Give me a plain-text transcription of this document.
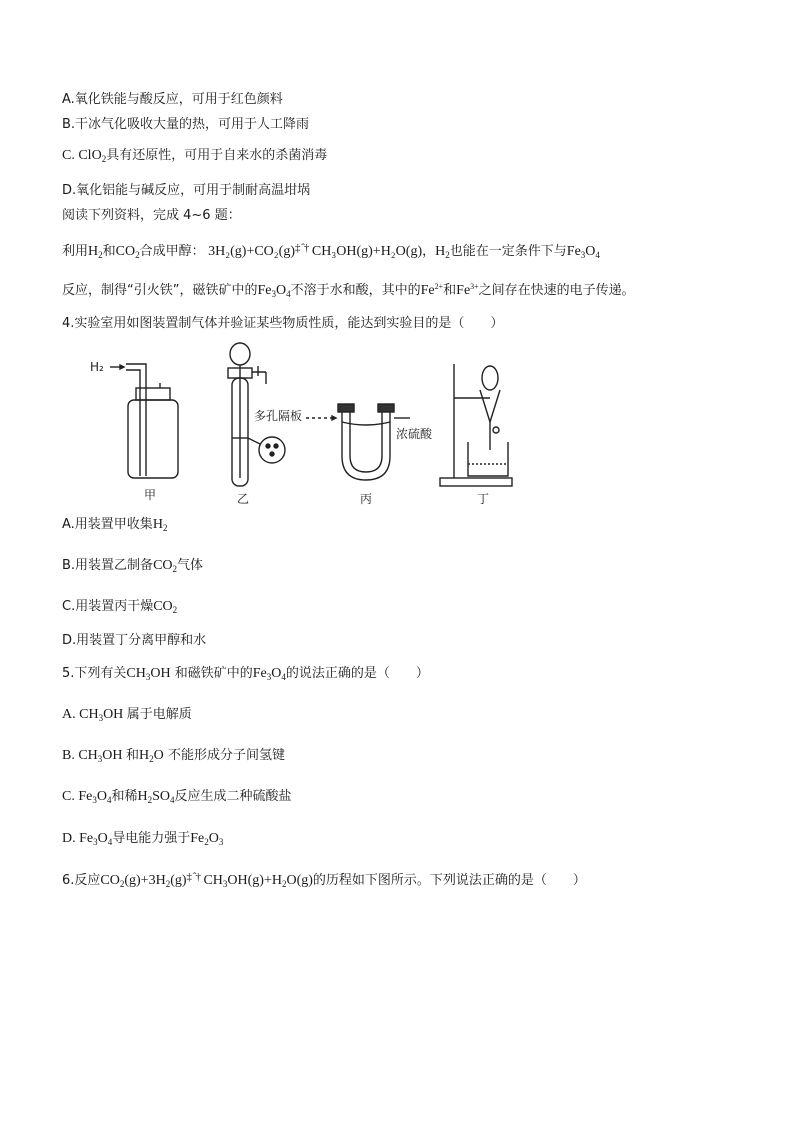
A.氧化铁能与酸反应，可用于红色颜料
B.干冰气化吸收大量的热，可用于人工降雨
C. ClO$_2$具有还原性，可用于自来水的杀菌消毒
D.氧化铝能与碱反应，可用于制耐高温坩埚
阅读下列资料，完成 4~6 题：
利用$H_2$和$CO_2$合成甲醇： $3H_2(g)+CO_2(g)^{\ddagger ˆ\dagger}$ CH₃OH(g)+H₂O(g)，$H_2$也能在一定条件下与$Fe_3O_4$
反应，制得“引火铁”，磁铁矿中的$Fe_3O_4$不溶于水和酸，其中的$Fe^{2+}$和$Fe^{3+}$之间存在快速的电子传递。
4.实验室用如图装置制气体并验证某些物质性质，能达到实验目的是（　　）
H₂
甲
多孔隔板
乙
浓硫酸
丙	丁
A.用装置甲收集$H_2$
B.用装置乙制备$CO_2$气体
C.用装置丙干燥$CO_2$
D.用装置丁分离甲醇和水
5.下列有关$CH_3OH$ 和磁铁矿中的$Fe_3O_4$的说法正确的是（　　）
A. $CH_3OH$ 属于电解质
B. $CH_3OH$ 和$H_2O$ 不能形成分子间氢键
C. $Fe_3O_4$和稀$H_2SO_4$反应生成二种硫酸盐
D. $Fe_3O_4$导电能力强于$Fe_2O_3$
6.反应$CO_2(g)+3H_2(g)^{\ddagger ˆ\dagger}$ $CH_3OH(g)+H_2O(g)$的历程如下图所示。下列说法正确的是（　　）
